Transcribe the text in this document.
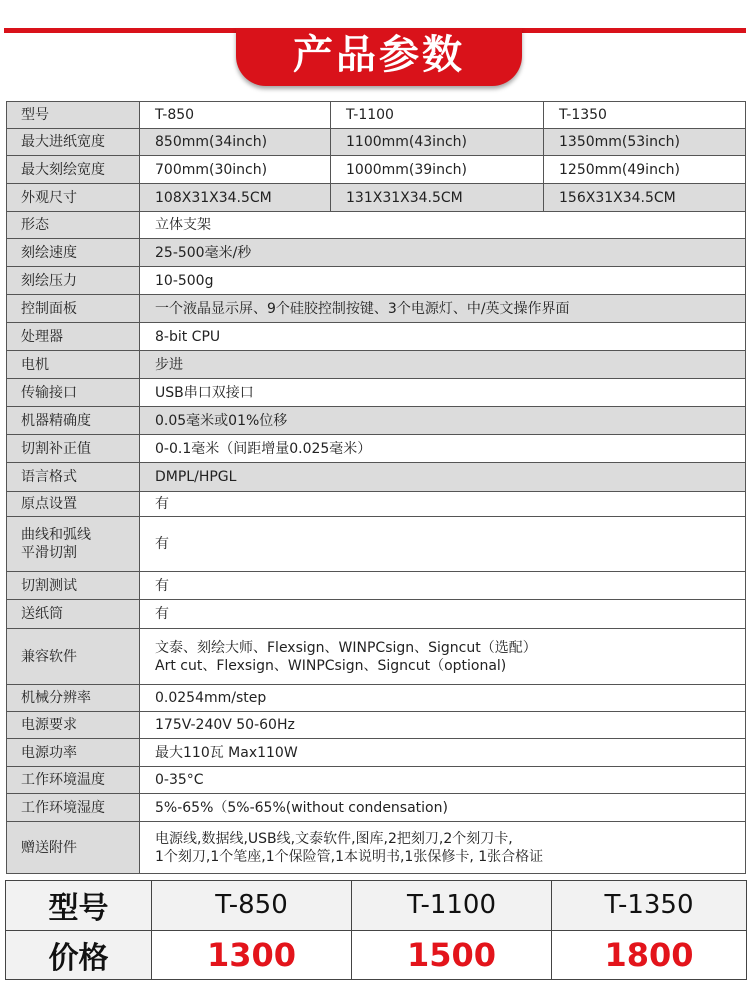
产品参数
型号	T-850	T-1100	T-1350
最大进纸宽度	850mm(34inch)	1100mm(43inch)	1350mm(53inch)
最大刻绘宽度	700mm(30inch)	1000mm(39inch)	1250mm(49inch)
外观尺寸	108X31X34.5CM	131X31X34.5CM	156X31X34.5CM
形态	立体支架		
刻绘速度	25-500毫米/秒		
刻绘压力	10-500g		
控制面板	一个液晶显示屏、9个硅胶控制按键、3个电源灯、中/英文操作界面		
处理器	8-bit CPU		
电机	步进		
传输接口	USB串口双接口		
机器精确度	0.05毫米或01%位移		
切割补正值	0-0.1毫米（间距增量0.025毫米）		
语言格式	DMPL/HPGL		
原点设置	有		

曲线和弧线
平滑切割	有		
切割测试	有		
送纸筒	有		
兼容软件	文泰、刻绘大师、Flexsign、WINPCsign、Signcut（选配）
Art cut、Flexsign、WINPCsign、Signcut（optional)		

机械分辨率	0.0254mm/step		
电源要求	175V-240V 50-60Hz		
电源功率	最大110瓦 Max110W		
工作环境温度	0-35°C		
工作环境湿度	5%-65%（5%-65%(without condensation)		
赠送附件	电源线,数据线,USB线,文泰软件,图库,2把刻刀,2个刻刀卡,
1个刻刀,1个笔座,1个保险管,1本说明书,1张保修卡, 1张合格证		
型号	T-850	T-1100	T-1350
价格	1300	1500	1800
